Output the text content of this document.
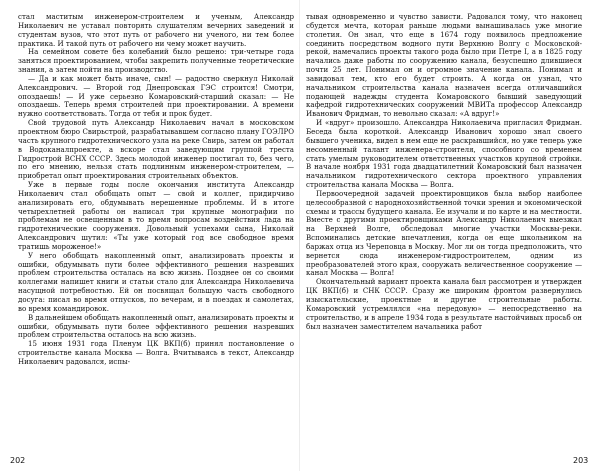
стал маститым инженером-строителем и ученым, Александр Николаевич не уставал повторять слушателям вечерних заведений и студентам вузов, что этот путь от рабочего ни ученого, ни тем более практика. И такой путь от рабочего ни чему может научить.

На семейном совете без колебаний было решено: три-четыре года заняться проектированием, чтобы закрепить полученные теоретические знания, а затем пойти на производство.

— Да и как может быть иначе, сын! — радостно сверкнул Николай Александрович. — Второй год Днепровская ГЭС строится! Смотри, опоздаешь! — И уже серьезно Комаровский-старший сказал: — Не опоздаешь. Теперь время строителей при проектировании. А времени нужно соответствовать. Тогда от тебя и прок будет.

Свой трудовой путь Александр Николаевич начал в московском проектном бюро Свирьстрой, разрабатывавшем согласно плану ГОЭЛРО часть крупного гидротехнического узла на реке Свирь, затем он работал в Водоканалпроекте, а вскоре стал заведующим группой треста Гидрострой ВСНХ СССР. Здесь молодой инженер постигал то, без чего, по его мнению, нельзя стать подлинным инженером-строителем, — приобретал опыт проектирования строительных объектов.

Уже в первые годы после окончания института Александр Николаевич стал обобщать опыт — свой и коллег, придирчиво анализировать его, обдумывать нерешенные проблемы. И в итоге четырехлетней работы он написал три крупные монографии по проблемам не освещенным в то время вопросам воздействия льда на гидротехнические сооружения. Довольный успехами сына, Николай Александрович шутил: «Ты уже который год все свободное время тратишь мороженое!»

У него обобщать накопленный опыт, анализировать проекты и ошибки, обдумывать пути более эффективного решения назревших проблем строительства осталась на всю жизнь. Позднее он со своими коллегами напишет книги и статьи стало для Александра Николаевича насущной потребностью. Ей он посвящал большую часть свободного досуга: писал во время отпусков, по вечерам, и в поездах и самолетах, во время командировок.

В дальнейшем обобщать накопленный опыт, анализировать проекты и ошибки, обдумывать пути более эффективного решения назревших проблем строительства осталось на всю жизнь.

15 июня 1931 года Пленум ЦК ВКП(б) принял постановление о строительстве канала Москва — Волга. Вчитываясь в текст, Александр Николаевич радовался, испы-

тывая одновременно и чувство зависти. Радовался тому, что наконец сбудется мечта, которая раньше людьми вынашивалась уже многие столетия. Он знал, что еще в 1674 году появилось предложение соединить посредством водного пути Верхнюю Волгу с Московской-рекой, намечались проекты такого рода было при Петре I, а в 1825 году начались даже работы по сооружению канала, безуспешно длившиеся почти 25 лет. Понимал он и огромное значение канала. Понимал и завидовал тем, кто его будет строить. А когда он узнал, что начальником строительства канала назначен всегда отличавшийся подающей надежды студента Комаровского бывший заведующий кафедрой гидротехнических сооружений МВИТа профессор Александр Иванович Фридман, то невольно сказал: «А вдруг!»

И «вдруг» произошло. Александра Николаевича пригласил Фридман. Беседа была короткой. Александр Иванович хорошо знал своего бывшего ученика, видел в нем еще не раскрывшийся, но уже теперь уже несомненный талант инженера-строителя, способного со временем стать умелым руководителем ответственных участков крупной стройки. В начале ноября 1931 года двадцатилетний Комаровский был назначен начальником гидротехнического сектора проектного управления строительства канала Москва — Волга.

Первоочередной задачей проектировщиков была выбор наиболее целесообразной с народнохозяйственной точки зрения и экономической схемы и трассы будущего канала. Ее изучали и по карте и на местности. Вместе с другими проектировщиками Александр Николаевич выезжал на Верхней Волге, обследовал многие участки Москвы-реки. Вспоминались детские впечатления, когда он еще школьником на баржах отца из Череповца в Москву. Мог ли он тогда предположить, что вернется сюда инженером-гидростроителем, одним из преобразователей этого края, сооружать величественное сооружение — канал Москва — Волга!

Окончательный вариант проекта канала был рассмотрен и утвержден ЦК ВКП(б) и СНК СССР. Сразу же широким фронтом развернулись изыскательские, проектные и другие строительные работы. Комаровский устремлялся «на передовую» — непосредственно на строительство, и в апреле 1934 года в результате настойчивых просьб он был назначен заместителем начальника работ

202	203
